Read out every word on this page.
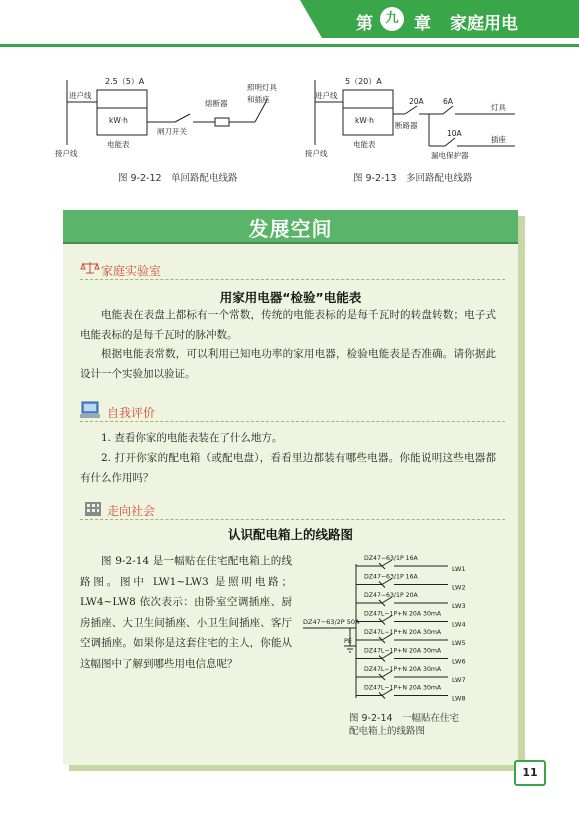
第 九 章 家庭用电
2.5（5）A
进户线
kW·h
电能表
接户线
闸刀开关
熔断器
照明灯具
和插座
图 9-2-12　单回路配电线路
5（20）A
进户线
kW·h
电能表
接户线
20A
断路器
6A
灯具
10A
插座
漏电保护器
图 9-2-13　多回路配电线路
发展空间
家庭实验室
用家用电器“检验”电能表
电能表在表盘上都标有一个常数，传统的电能表标的是每千瓦时的转盘转数；电子式电能表标的是每千瓦时的脉冲数。
根据电能表常数，可以利用已知电功率的家用电器，检验电能表是否准确。请你据此设计一个实验加以验证。
自我评价
1. 查看你家的电能表装在了什么地方。
2. 打开你家的配电箱（或配电盘），看看里边都装有哪些电器。你能说明这些电器都有什么作用吗？
走向社会
认识配电箱上的线路图
图 9-2-14 是一幅贴在住宅配电箱上的线路图。图中 LW1~LW3 是照明电路；LW4~LW8 依次表示：由卧室空调插座、厨房插座、大卫生间插座、小卫生间插座、客厅空调插座。如果你是这套住宅的主人，你能从这幅图中了解到哪些用电信息呢？
DZ47−63/2P 50A
PE
DZ47−63/1P 16A
LW1
DZ47−63/1P 16A
LW2
DZ47−63/1P 20A
LW3
DZ47L−1P+N 20A 30mA
LW4
DZ47L−1P+N 20A 30mA
LW5
DZ47L−1P+N 20A 30mA
LW6
DZ47L−1P+N 20A 30mA
LW7
DZ47L−1P+N 20A 30mA
LW8
图 9-2-14　一幅贴在住宅
配电箱上的线路图
11
